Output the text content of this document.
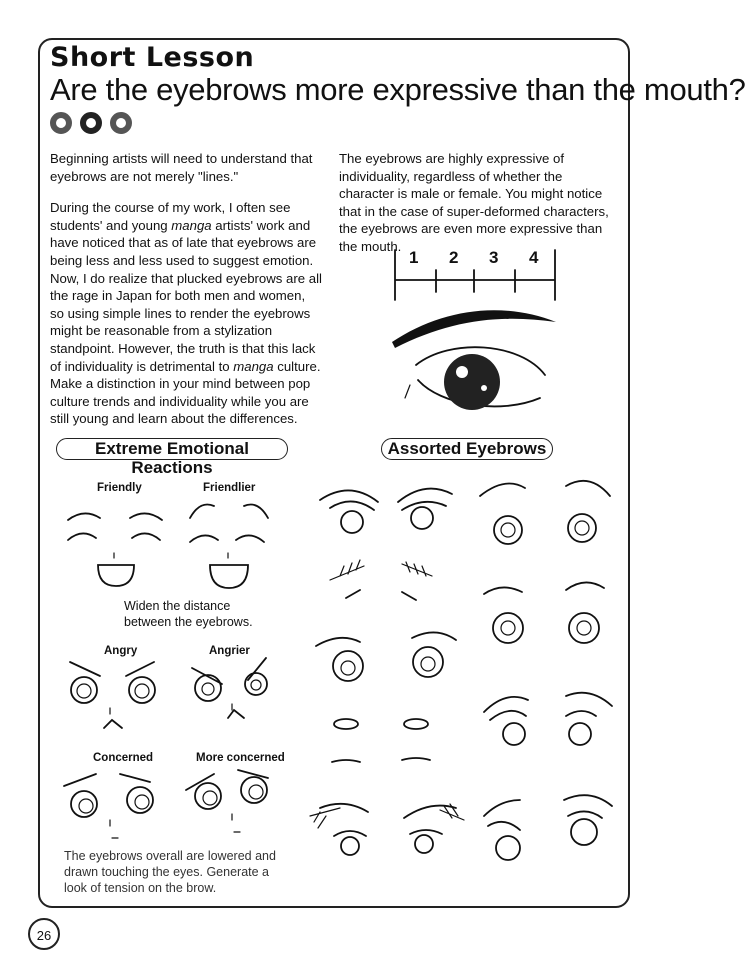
Short Lesson
Are the eyebrows more expressive than the mouth?

Beginning artists will need to understand that eyebrows are not merely "lines."

During the course of my work, I often see students' and young manga artists' work and have noticed that as of late that eyebrows are being less and less used to suggest emotion. Now, I do realize that plucked eyebrows are all the rage in Japan for both men and women, so using simple lines to render the eyebrows might be reasonable from a stylization standpoint. However, the truth is that this lack of individuality is detrimental to manga culture. Make a distinction in your mind between pop culture trends and individuality while you are still young and learn about the differences.

The eyebrows are highly expressive of individuality, regardless of whether the character is male or female. You might notice that in the case of super-deformed characters, the eyebrows are even more expressive than the mouth.

1 2 3 4
Extreme Emotional Reactions
Assorted Eyebrows
Friendly	Friendlier
Widen the distance between the eyebrows.
Angry	Angrier
Concerned	More concerned
The eyebrows overall are lowered and drawn touching the eyes. Generate a look of tension on the brow.
26
